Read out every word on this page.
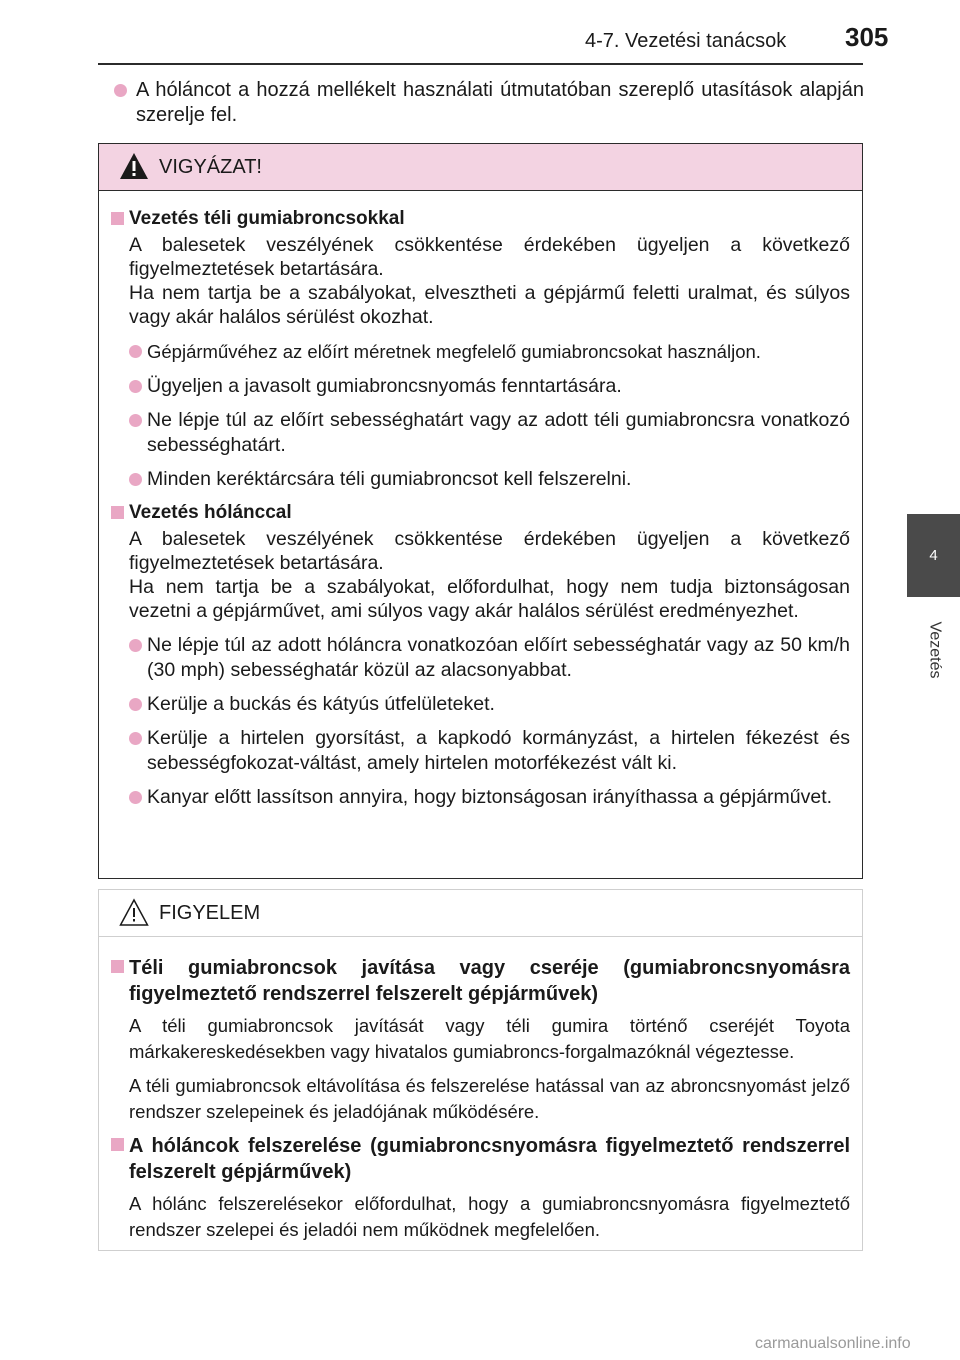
4-7. Vezetési tanácsok 305
4
Vezetés
A hóláncot a hozzá mellékelt használati útmutatóban szereplő utasítások alapján szerelje fel.
VIGYÁZAT!
Vezetés téli gumiabroncsokkal
A balesetek veszélyének csökkentése érdekében ügyeljen a következő figyelmeztetések betartására.
Ha nem tartja be a szabályokat, elvesztheti a gépjármű feletti uralmat, és súlyos vagy akár halálos sérülést okozhat.
Gépjárművéhez az előírt méretnek megfelelő gumiabroncsokat használjon.
Ügyeljen a javasolt gumiabroncsnyomás fenntartására.
Ne lépje túl az előírt sebességhatárt vagy az adott téli gumiabroncsra vonatkozó sebességhatárt.
Minden keréktárcsára téli gumiabroncsot kell felszerelni.
Vezetés hólánccal
A balesetek veszélyének csökkentése érdekében ügyeljen a következő figyelmeztetések betartására.
Ha nem tartja be a szabályokat, előfordulhat, hogy nem tudja biztonságosan vezetni a gépjárművet, ami súlyos vagy akár halálos sérülést eredményezhet.
Ne lépje túl az adott hóláncra vonatkozóan előírt sebességhatár vagy az 50 km/h (30 mph) sebességhatár közül az alacsonyabbat.
Kerülje a buckás és kátyús útfelületeket.
Kerülje a hirtelen gyorsítást, a kapkodó kormányzást, a hirtelen fékezést és sebességfokozat-váltást, amely hirtelen motorfékezést vált ki.
Kanyar előtt lassítson annyira, hogy biztonságosan irányíthassa a gépjárművet.
FIGYELEM
Téli gumiabroncsok javítása vagy cseréje (gumiabroncsnyomásra figyelmeztető rendszerrel felszerelt gépjárművek)
A téli gumiabroncsok javítását vagy téli gumira történő cseréjét Toyota márkakereskedésekben vagy hivatalos gumiabroncs-forgalmazóknál végeztesse.
A téli gumiabroncsok eltávolítása és felszerelése hatással van az abroncsnyomást jelző rendszer szelepeinek és jeladójának működésére.
A hóláncok felszerelése (gumiabroncsnyomásra figyelmeztető rendszerrel felszerelt gépjárművek)
A hólánc felszerelésekor előfordulhat, hogy a gumiabroncsnyomásra figyelmeztető rendszer szelepei és jeladói nem működnek megfelelően.
carmanualsonline.info
